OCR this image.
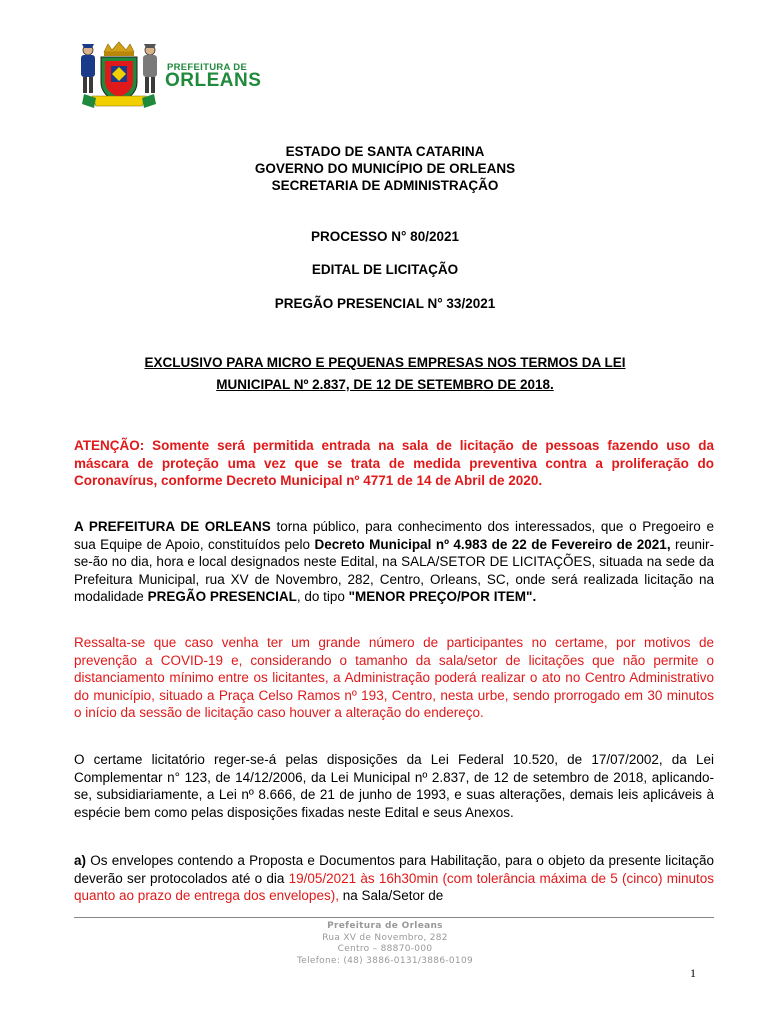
PREFEITURA DE
ORLEANS
ESTADO DE SANTA CATARINA
GOVERNO DO MUNICÍPIO DE ORLEANS
SECRETARIA DE ADMINISTRAÇÃO
PROCESSO N° 80/2021
EDITAL DE LICITAÇÃO
PREGÃO PRESENCIAL N° 33/2021
EXCLUSIVO PARA MICRO E PEQUENAS EMPRESAS NOS TERMOS DA LEI
MUNICIPAL Nº 2.837, DE 12 DE SETEMBRO DE 2018.

ATENÇÃO: Somente será permitida entrada na sala de licitação de pessoas fazendo uso da máscara de proteção uma vez que se trata de medida preventiva contra a proliferação do Coronavírus, conforme Decreto Municipal nº 4771 de 14 de Abril de 2020.

A PREFEITURA DE ORLEANS torna público, para conhecimento dos interessados, que o Pregoeiro e sua Equipe de Apoio, constituídos pelo Decreto Municipal nº 4.983 de 22 de Fevereiro de 2021, reunir-se-ão no dia, hora e local designados neste Edital, na SALA/SETOR DE LICITAÇÕES, situada na sede da Prefeitura Municipal, rua XV de Novembro, 282, Centro, Orleans, SC, onde será realizada licitação na modalidade PREGÃO PRESENCIAL, do tipo "MENOR PREÇO/POR ITEM".

Ressalta-se que caso venha ter um grande número de participantes no certame, por motivos de prevenção a COVID-19 e, considerando o tamanho da sala/setor de licitações que não permite o distanciamento mínimo entre os licitantes, a Administração poderá realizar o ato no Centro Administrativo do município, situado a Praça Celso Ramos nº 193, Centro, nesta urbe, sendo prorrogado em 30 minutos o início da sessão de licitação caso houver a alteração do endereço.

O certame licitatório reger-se-á pelas disposições da Lei Federal 10.520, de 17/07/2002, da Lei Complementar n° 123, de 14/12/2006, da Lei Municipal nº 2.837, de 12 de setembro de 2018, aplicando-se, subsidiariamente, a Lei nº 8.666, de 21 de junho de 1993, e suas alterações, demais leis aplicáveis à espécie bem como pelas disposições fixadas neste Edital e seus Anexos.

a) Os envelopes contendo a Proposta e Documentos para Habilitação, para o objeto da presente licitação deverão ser protocolados até o dia 19/05/2021 às 16h30min (com tolerância máxima de 5 (cinco) minutos quanto ao prazo de entrega dos envelopes), na Sala/Setor de

Prefeitura de Orleans
Rua XV de Novembro, 282
Centro – 88870-000
Telefone: (48) 3886-0131/3886-0109
1
